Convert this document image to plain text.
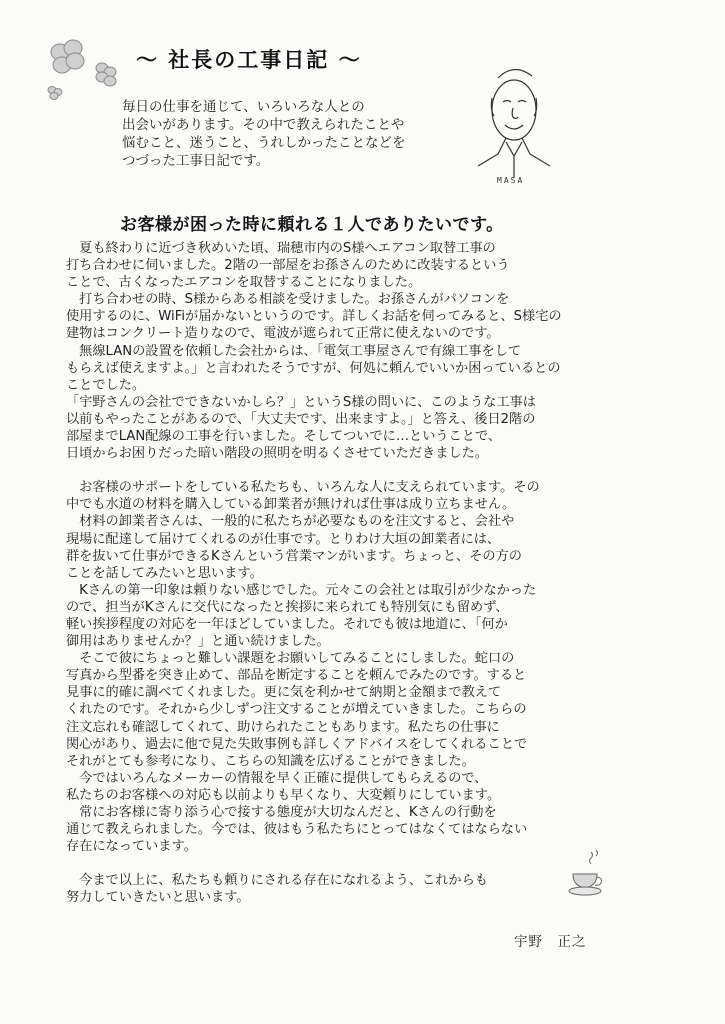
～ 社長の工事日記 ～

毎日の仕事を通じて、いろいろな人との

出会いがあります。その中で教えられたことや

悩むこと、迷うこと、うれしかったことなどを

つづった工事日記です。

MASA
お客様が困った時に頼れる１人でありたいです。

　夏も終わりに近づき秋めいた頃、瑞穂市内のS様へエアコン取替工事の

打ち合わせに伺いました。2階の一部屋をお孫さんのために改装するという

ことで、古くなったエアコンを取替することになりました。

　打ち合わせの時、S様からある相談を受けました。お孫さんがパソコンを

使用するのに、WiFiが届かないというのです。詳しくお話を伺ってみると、S様宅の

建物はコンクリート造りなので、電波が遮られて正常に使えないのです。

　無線LANの設置を依頼した会社からは、「電気工事屋さんで有線工事をして

もらえば使えますよ。」と言われたそうですが、何処に頼んでいいか困っているとの

ことでした。

「宇野さんの会社でできないかしら？」というS様の問いに、このような工事は

以前もやったことがあるので、「大丈夫です、出来ますよ。」と答え、後日2階の

部屋までLAN配線の工事を行いました。そしてついでに…ということで、

日頃からお困りだった暗い階段の照明を明るくさせていただきました。

　お客様のサポートをしている私たちも、いろんな人に支えられています。その

中でも水道の材料を購入している卸業者が無ければ仕事は成り立ちません。

　材料の卸業者さんは、一般的に私たちが必要なものを注文すると、会社や

現場に配達して届けてくれるのが仕事です。とりわけ大垣の卸業者には、

群を抜いて仕事ができるKさんという営業マンがいます。ちょっと、その方の

ことを話してみたいと思います。

　Kさんの第一印象は頼りない感じでした。元々この会社とは取引が少なかった

ので、担当がKさんに交代になったと挨拶に来られても特別気にも留めず、

軽い挨拶程度の対応を一年ほどしていました。それでも彼は地道に、「何か

御用はありませんか？」と通い続けました。

　そこで彼にちょっと難しい課題をお願いしてみることにしました。蛇口の

写真から型番を突き止めて、部品を断定することを頼んでみたのです。すると

見事に的確に調べてくれました。更に気を利かせて納期と金額まで教えて

くれたのです。それから少しずつ注文することが増えていきました。こちらの

注文忘れも確認してくれて、助けられたこともあります。私たちの仕事に

関心があり、過去に他で見た失敗事例も詳しくアドバイスをしてくれることで

それがとても参考になり、こちらの知識を広げることができました。

　今ではいろんなメーカーの情報を早く正確に提供してもらえるので、

私たちのお客様への対応も以前よりも早くなり、大変頼りにしています。

　常にお客様に寄り添う心で接する態度が大切なんだと、Kさんの行動を

通じて教えられました。今では、彼はもう私たちにとってはなくてはならない

存在になっています。

　今まで以上に、私たちも頼りにされる存在になれるよう、これからも

努力していきたいと思います。

宇野　正之
